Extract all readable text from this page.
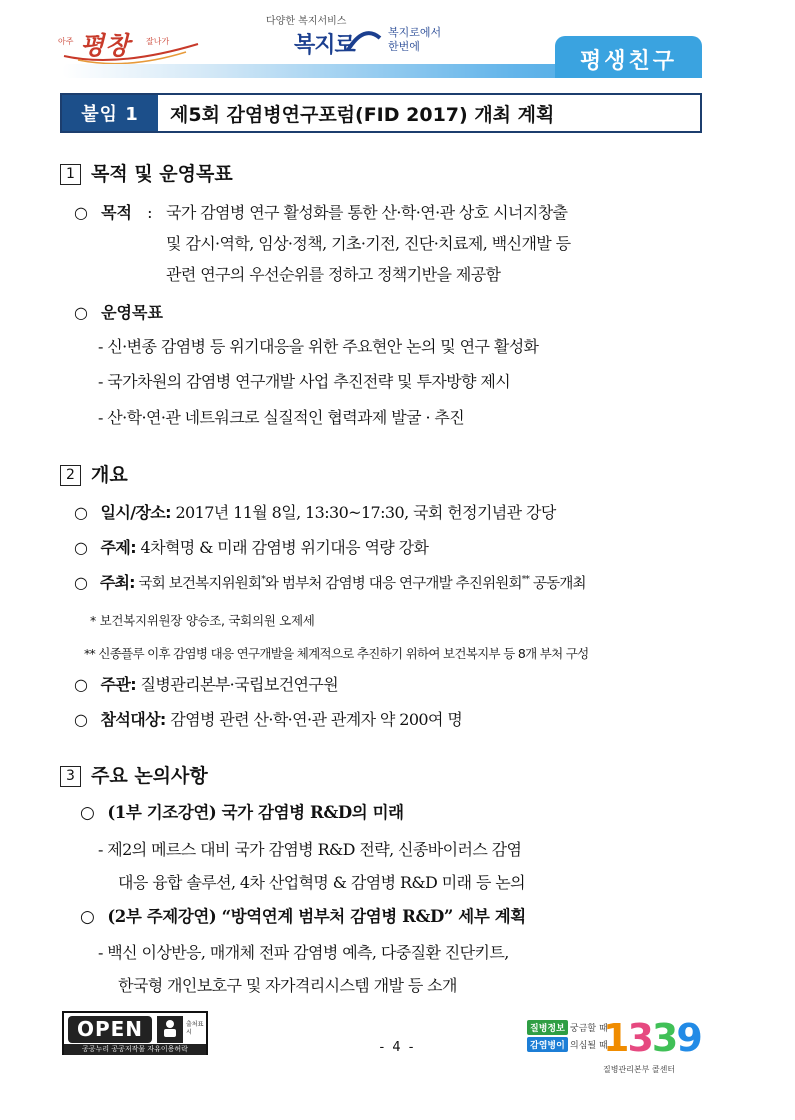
아주 평창 잘나가
다양한 복지서비스
복지로
복지로에서
한번에
평생친구
붙임 1	제5회 감염병연구포럼(FID 2017) 개최 계획
1 목적 및 운영목표
○ 목적 : 국가 감염병 연구 활성화를 통한 산·학·연·관 상호 시너지창출
및 감시·역학, 임상·정책, 기초·기전, 진단·치료제, 백신개발 등
관련 연구의 우선순위를 정하고 정책기반을 제공함
○ 운영목표
- 신·변종 감염병 등 위기대응을 위한 주요현안 논의 및 연구 활성화
- 국가차원의 감염병 연구개발 사업 추진전략 및 투자방향 제시
- 산·학·연·관 네트워크로 실질적인 협력과제 발굴 · 추진
2 개요
○ 일시/장소: 2017년 11월 8일, 13:30~17:30, 국회 헌정기념관 강당
○ 주제: 4차혁명 & 미래 감염병 위기대응 역량 강화
○ 주최: 국회 보건복지위원회*와 범부처 감염병 대응 연구개발 추진위원회** 공동개최
* 보건복지위원장 양승조, 국회의원 오제세
** 신종플루 이후 감염병 대응 연구개발을 체계적으로 추진하기 위하여 보건복지부 등 8개 부처 구성
○ 주관: 질병관리본부·국립보건연구원
○ 참석대상: 감염병 관련 산·학·연·관 관계자 약 200여 명
3 주요 논의사항
○ (1부 기조강연) 국가 감염병 R&D의 미래
- 제2의 메르스 대비 국가 감염병 R&D 전략, 신종바이러스 감염
대응 융합 솔루션, 4차 산업혁명 & 감염병 R&D 미래 등 논의
○ (2부 주제강연) “방역연계 범부처 감염병 R&D” 세부 계획
- 백신 이상반응, 매개체 전파 감염병 예측, 다중질환 진단키트,
한국형 개인보호구 및 자가격리시스템 개발 등 소개
OPEN	출처표시
공공누리 공공저작물 자유이용허락	- 4 -
질병정보 궁금할 때
감염병이 의심될 때
1339
질병관리본부 콜센터
